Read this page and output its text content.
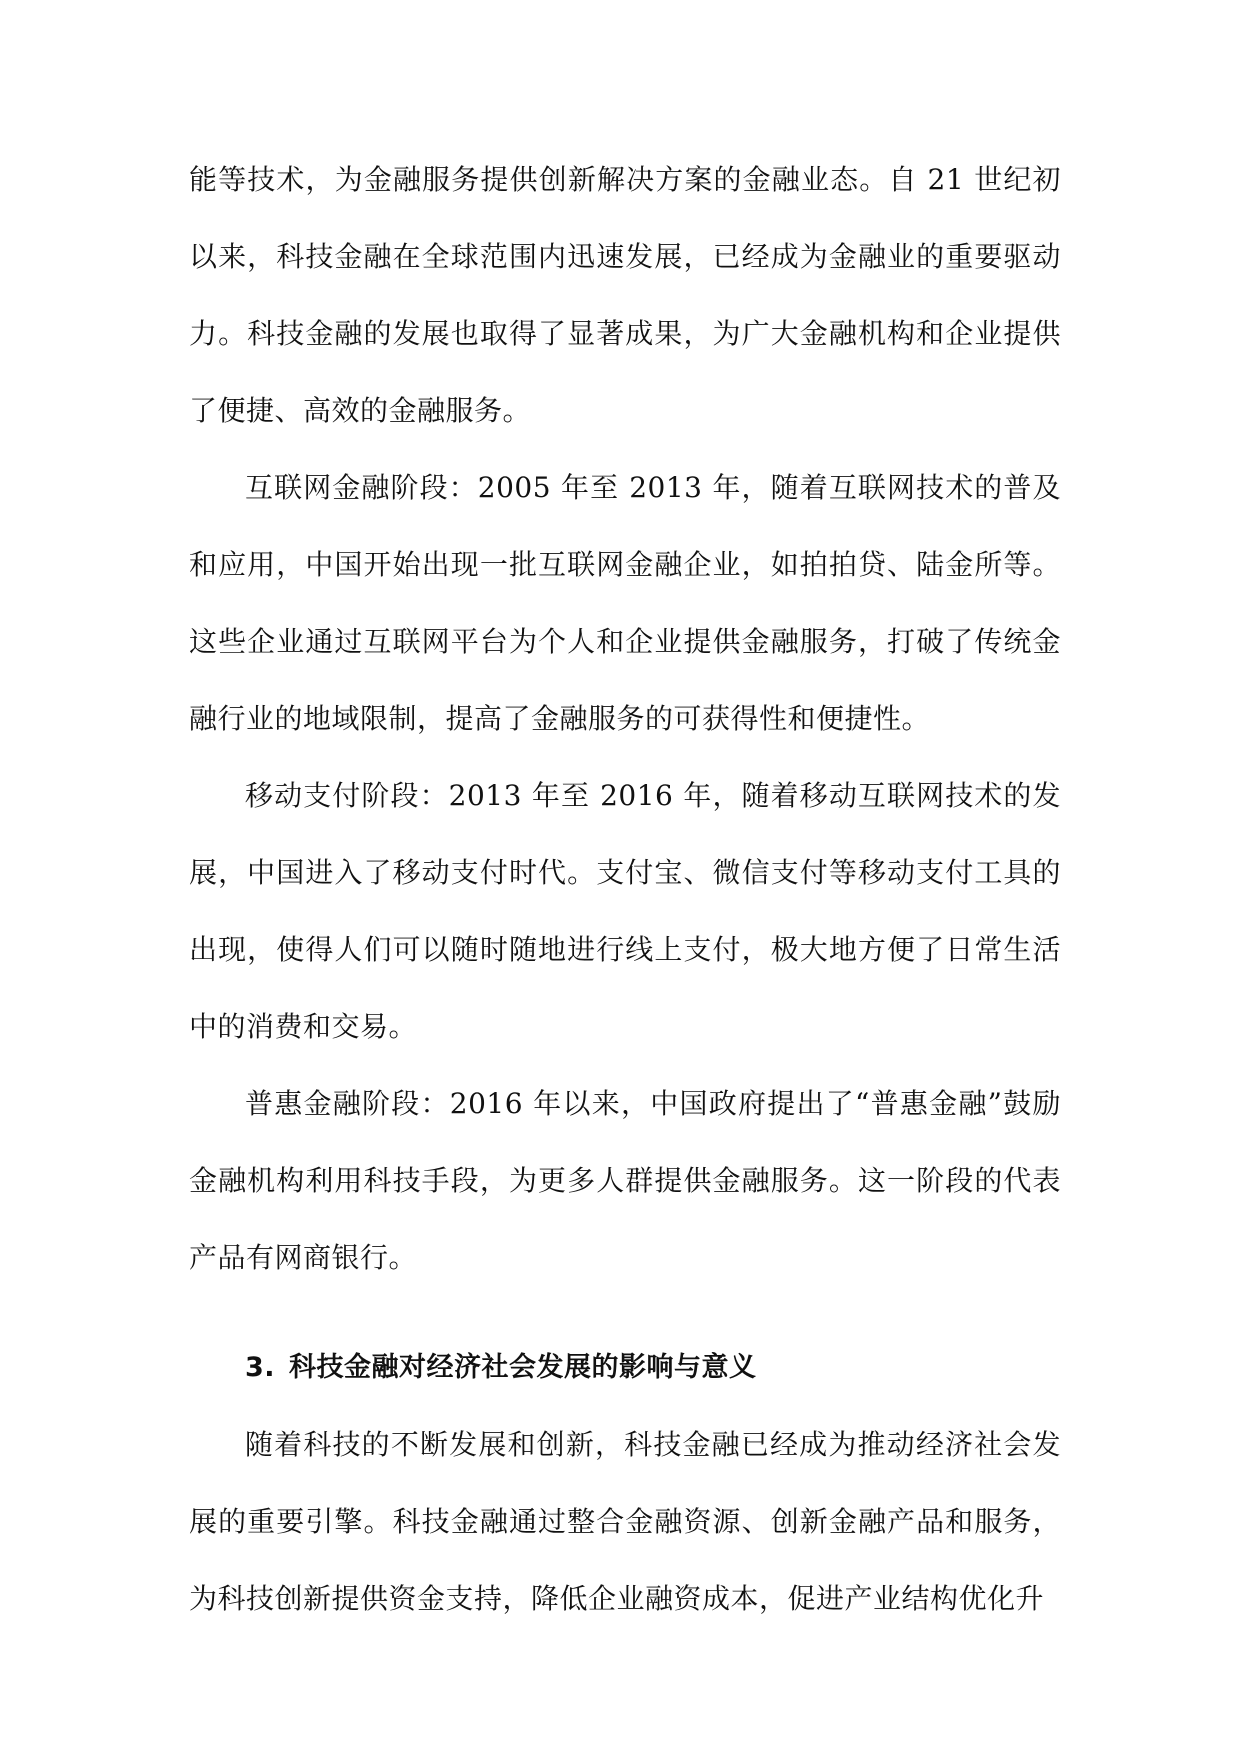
能等技术，为金融服务提供创新解决方案的金融业态。自 21 世纪初以来，科技金融在全球范围内迅速发展，已经成为金融业的重要驱动力。科技金融的发展也取得了显著成果，为广大金融机构和企业提供了便捷、高效的金融服务。

互联网金融阶段：2005 年至 2013 年，随着互联网技术的普及和应用，中国开始出现一批互联网金融企业，如拍拍贷、陆金所等。这些企业通过互联网平台为个人和企业提供金融服务，打破了传统金融行业的地域限制，提高了金融服务的可获得性和便捷性。

移动支付阶段：2013 年至 2016 年，随着移动互联网技术的发展，中国进入了移动支付时代。支付宝、微信支付等移动支付工具的出现，使得人们可以随时随地进行线上支付，极大地方便了日常生活中的消费和交易。

普惠金融阶段：2016 年以来，中国政府提出了“普惠金融”鼓励金融机构利用科技手段，为更多人群提供金融服务。这一阶段的代表产品有网商银行。

3. 科技金融对经济社会发展的影响与意义

随着科技的不断发展和创新，科技金融已经成为推动经济社会发展的重要引擎。科技金融通过整合金融资源、创新金融产品和服务，为科技创新提供资金支持，降低企业融资成本，促进产业结构优化升
